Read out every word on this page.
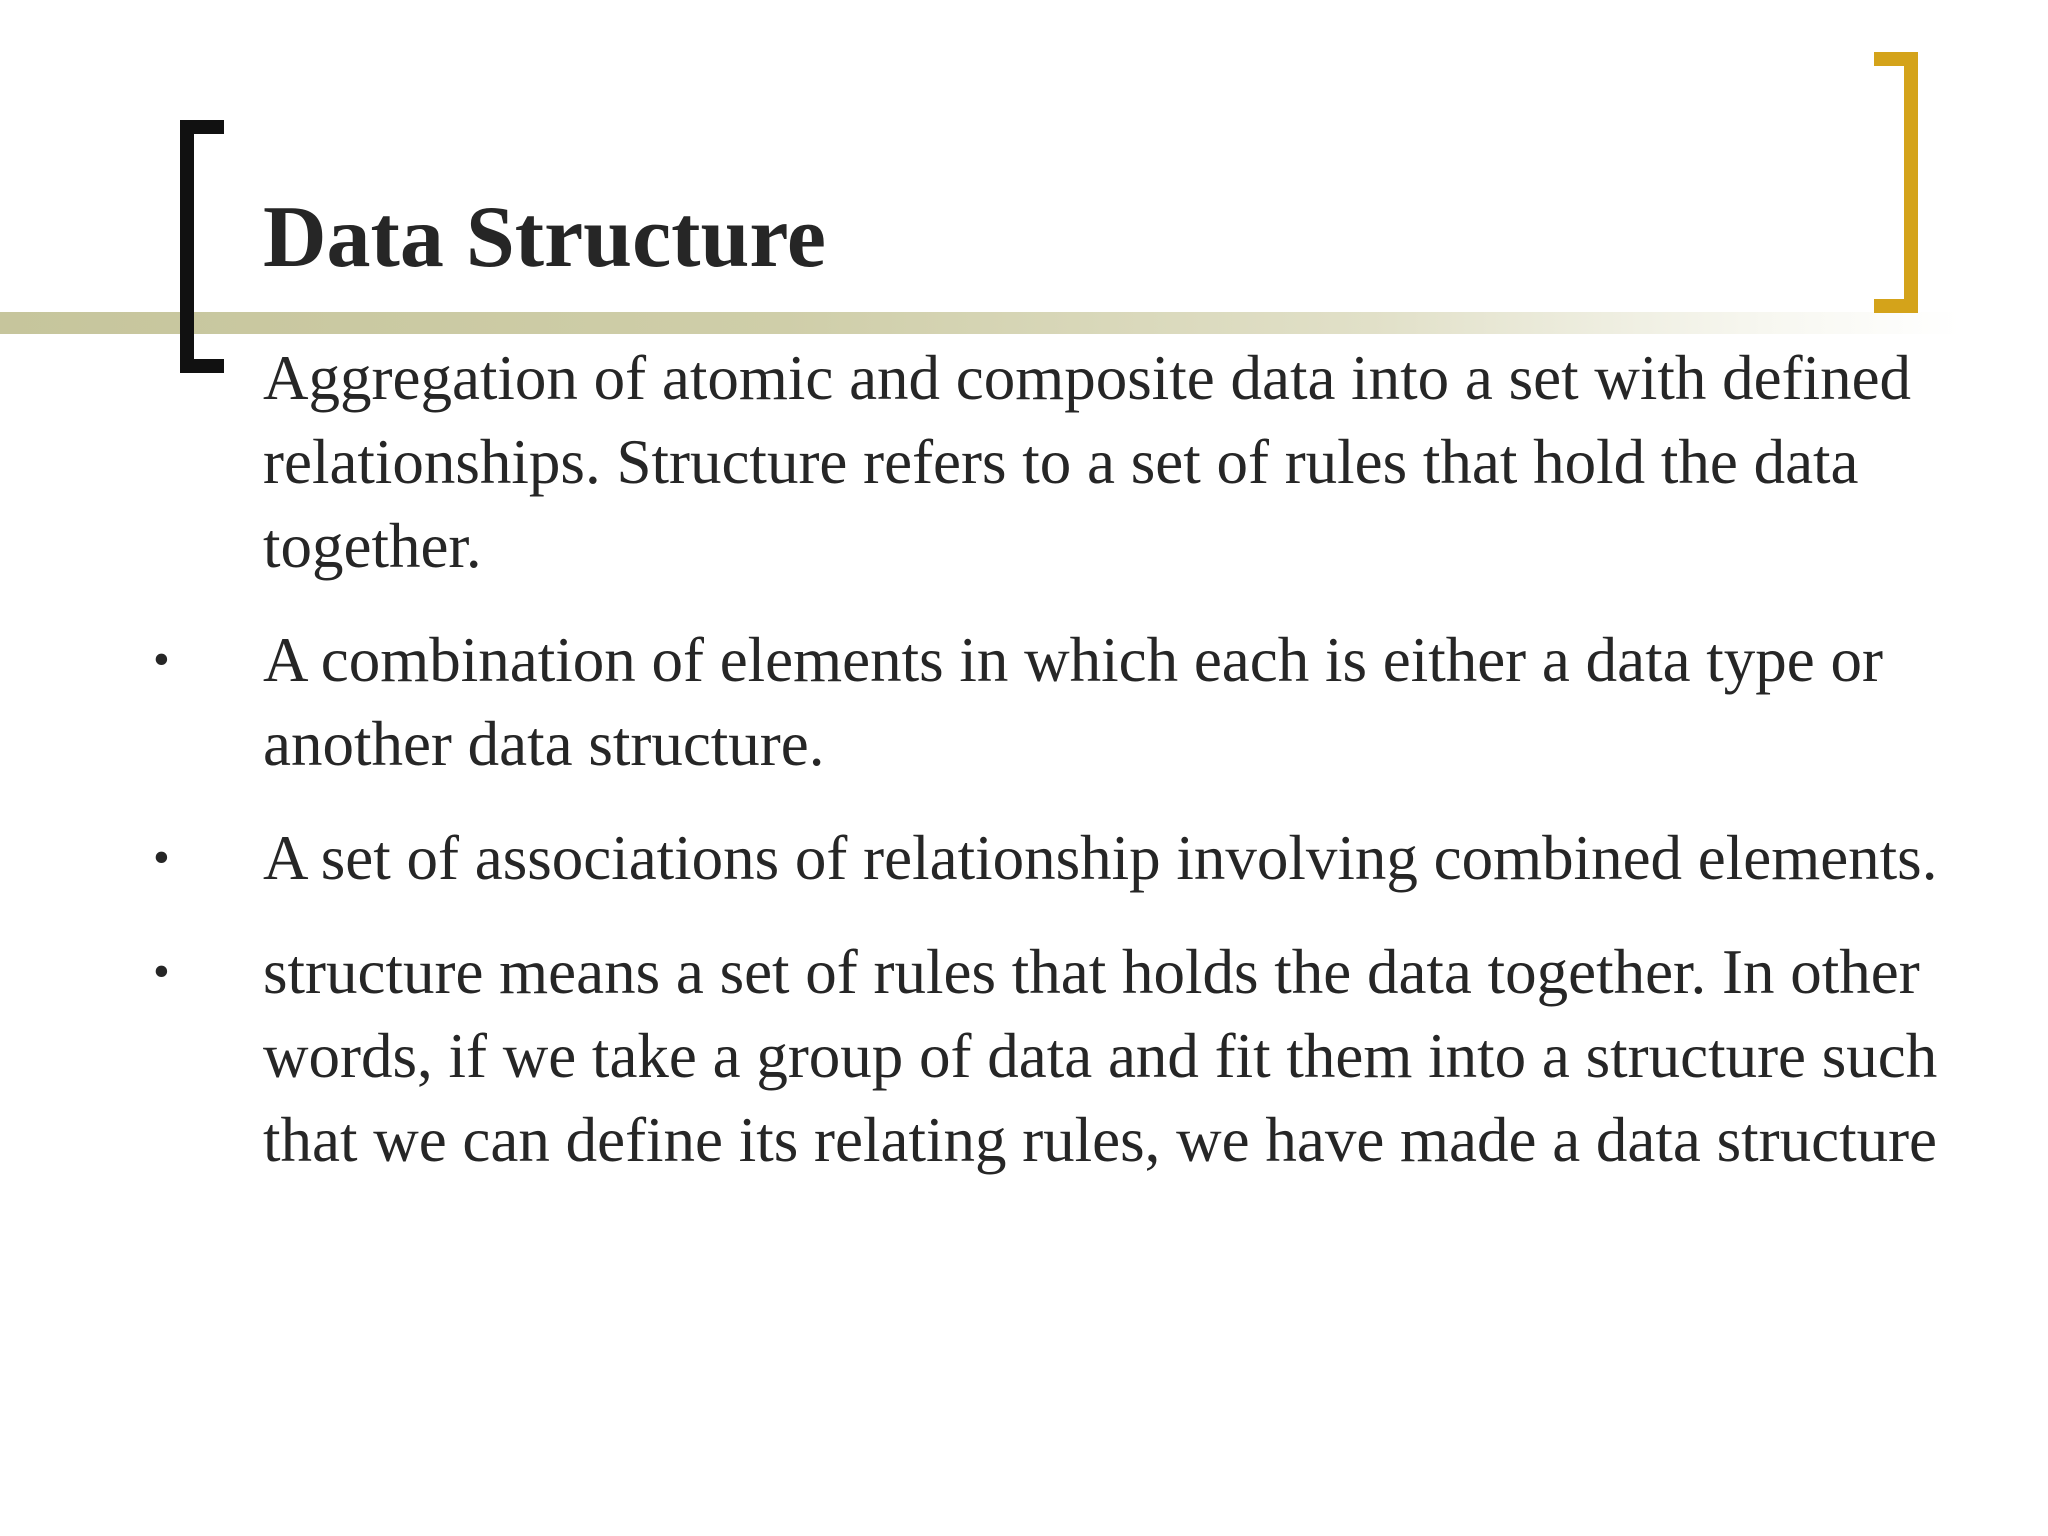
Data Structure

Aggregation of atomic and composite data into a set with defined relationships. Structure refers to a set of rules that hold the data together.

• A combination of elements in which each is either a data type or another data structure.
• A set of associations of relationship involving combined elements.
• structure means a set of rules that holds the data together. In other words, if we take a group of data and fit them into a structure such that we can define its relating rules, we have made a data structure
